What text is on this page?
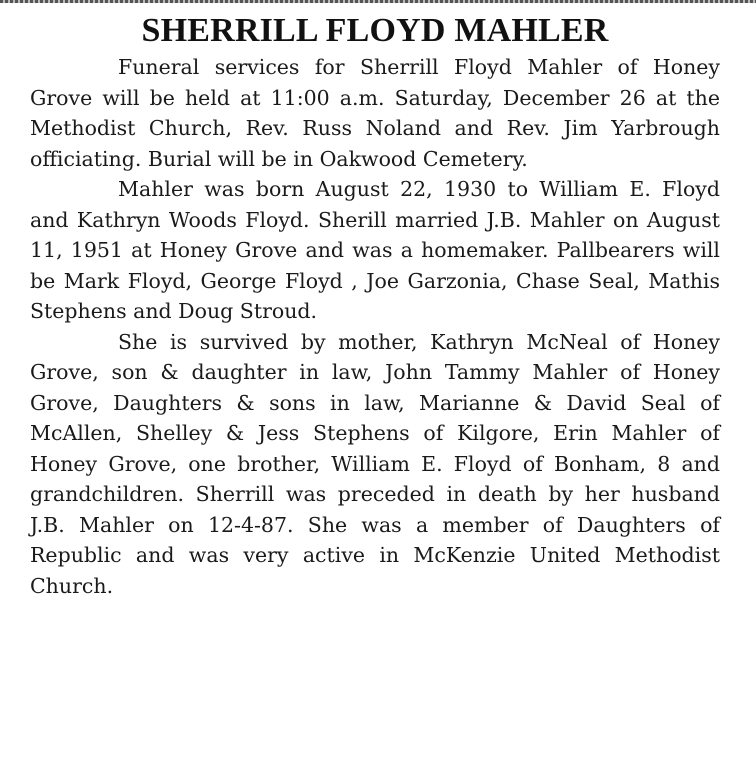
SHERRILL FLOYD MAHLER

Funeral services for Sherrill Floyd Mahler of Honey Grove will be held at 11:00 a.m. Saturday, December 26 at the Methodist Church, Rev. Russ Noland and Rev. Jim Yarbrough officiating. Burial will be in Oakwood Cemetery.

Mahler was born August 22, 1930 to William E. Floyd and Kathryn Woods Floyd. Sherill married J.B. Mahler on August 11, 1951 at Honey Grove and was a homemaker. Pallbearers will be Mark Floyd, George Floyd , Joe Garzonia, Chase Seal, Mathis Stephens and Doug Stroud.

She is survived by mother, Kathryn McNeal of Honey Grove, son & daughter in law, John Tammy Mahler of Honey Grove, Daughters & sons in law, Marianne & David Seal of McAllen, Shelley & Jess Stephens of Kilgore, Erin Mahler of Honey Grove, one brother, William E. Floyd of Bonham, 8 and grandchildren. Sherrill was preceded in death by her husband J.B. Mahler on 12-4-87. She was a member of Daughters of Republic and was very active in McKenzie United Methodist Church.
